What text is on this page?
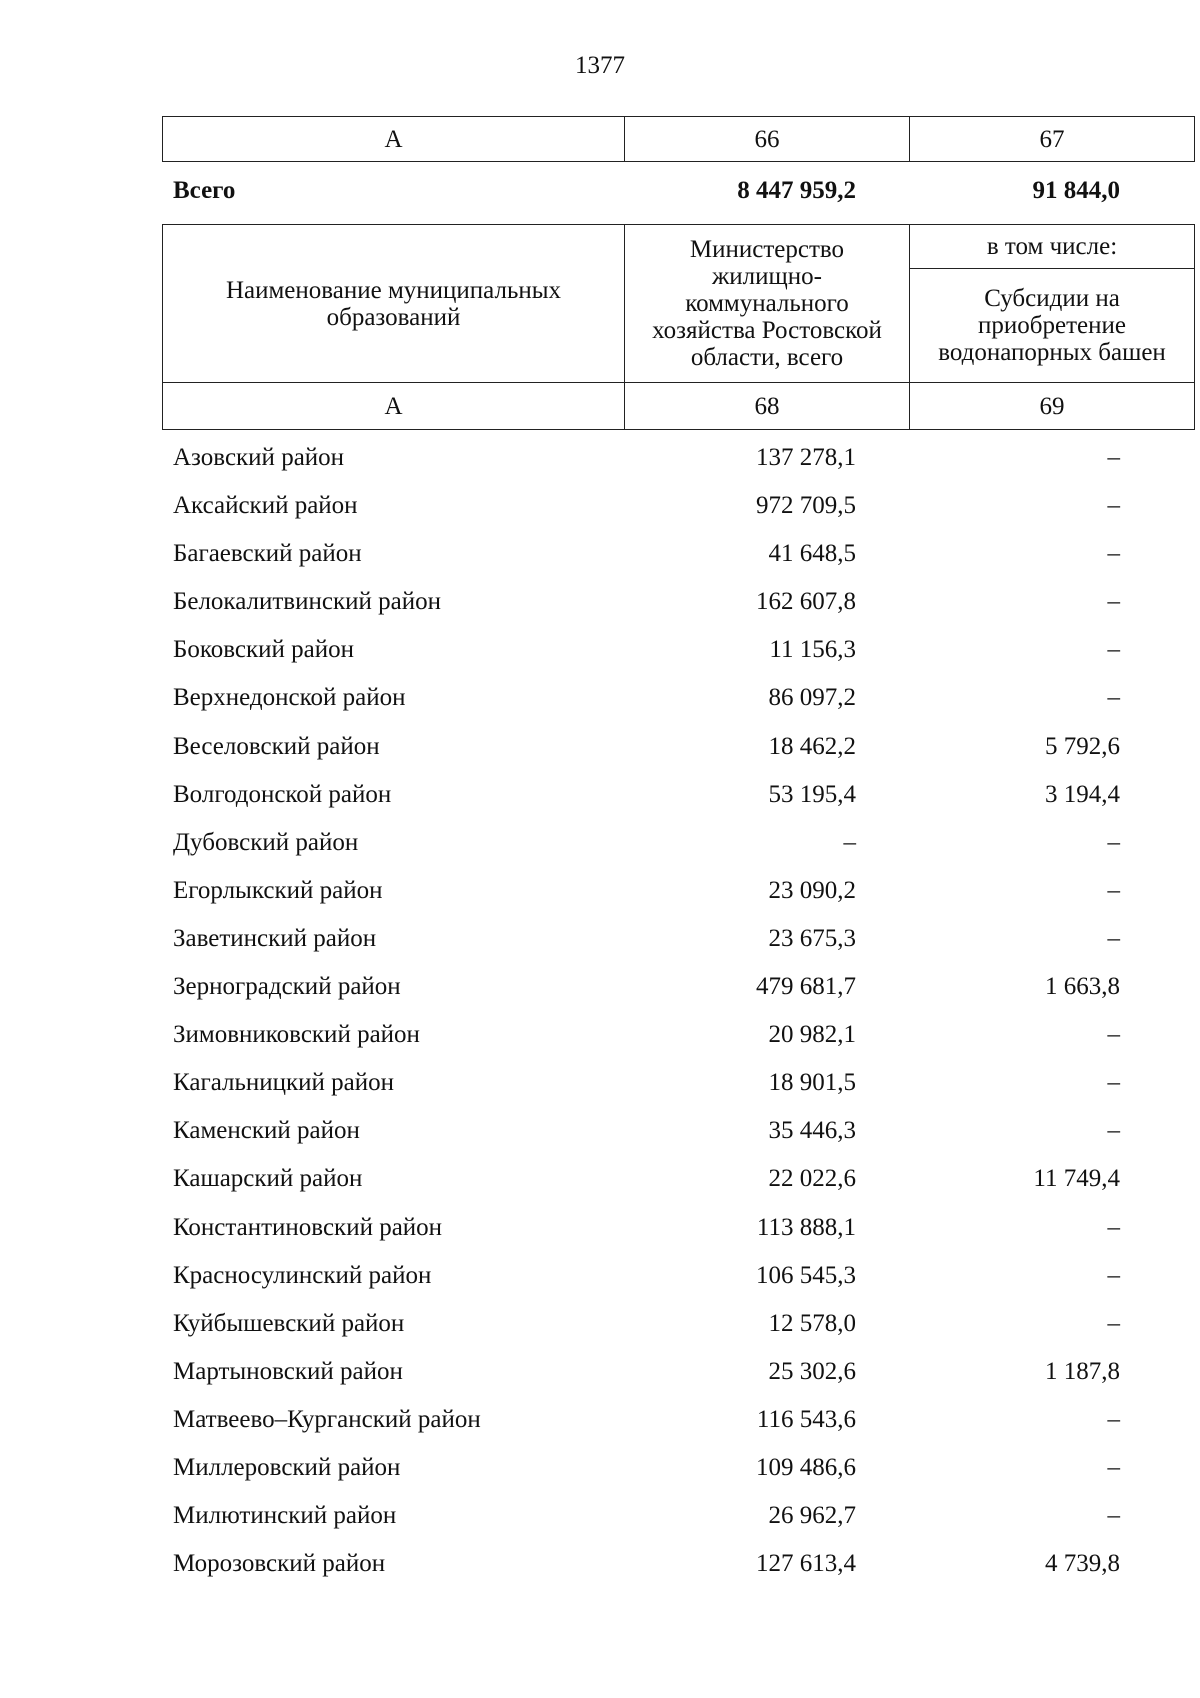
1377
А	66	67
Всего	8 447 959,2	91 844,0
Наименование муниципальных образований	Министерство жилищно-коммунального хозяйства Ростовской области, всего	в том числе:
		Субсидии на приобретение водонапорных башен
А	68	69
Азовский район	137 278,1	–
Аксайский район	972 709,5	–
Багаевский район	41 648,5	–
Белокалитвинский район	162 607,8	–
Боковский район	11 156,3	–
Верхнедонской район	86 097,2	–
Веселовский район	18 462,2	5 792,6
Волгодонской район	53 195,4	3 194,4
Дубовский район	–	–
Егорлыкский район	23 090,2	–
Заветинский район	23 675,3	–
Зерноградский район	479 681,7	1 663,8
Зимовниковский район	20 982,1	–
Кагальницкий район	18 901,5	–
Каменский район	35 446,3	–
Кашарский район	22 022,6	11 749,4
Константиновский район	113 888,1	–
Красносулинский район	106 545,3	–
Куйбышевский район	12 578,0	–
Мартыновский район	25 302,6	1 187,8
Матвеево–Курганский район	116 543,6	–
Миллеровский район	109 486,6	–
Милютинский район	26 962,7	–
Морозовский район	127 613,4	4 739,8
